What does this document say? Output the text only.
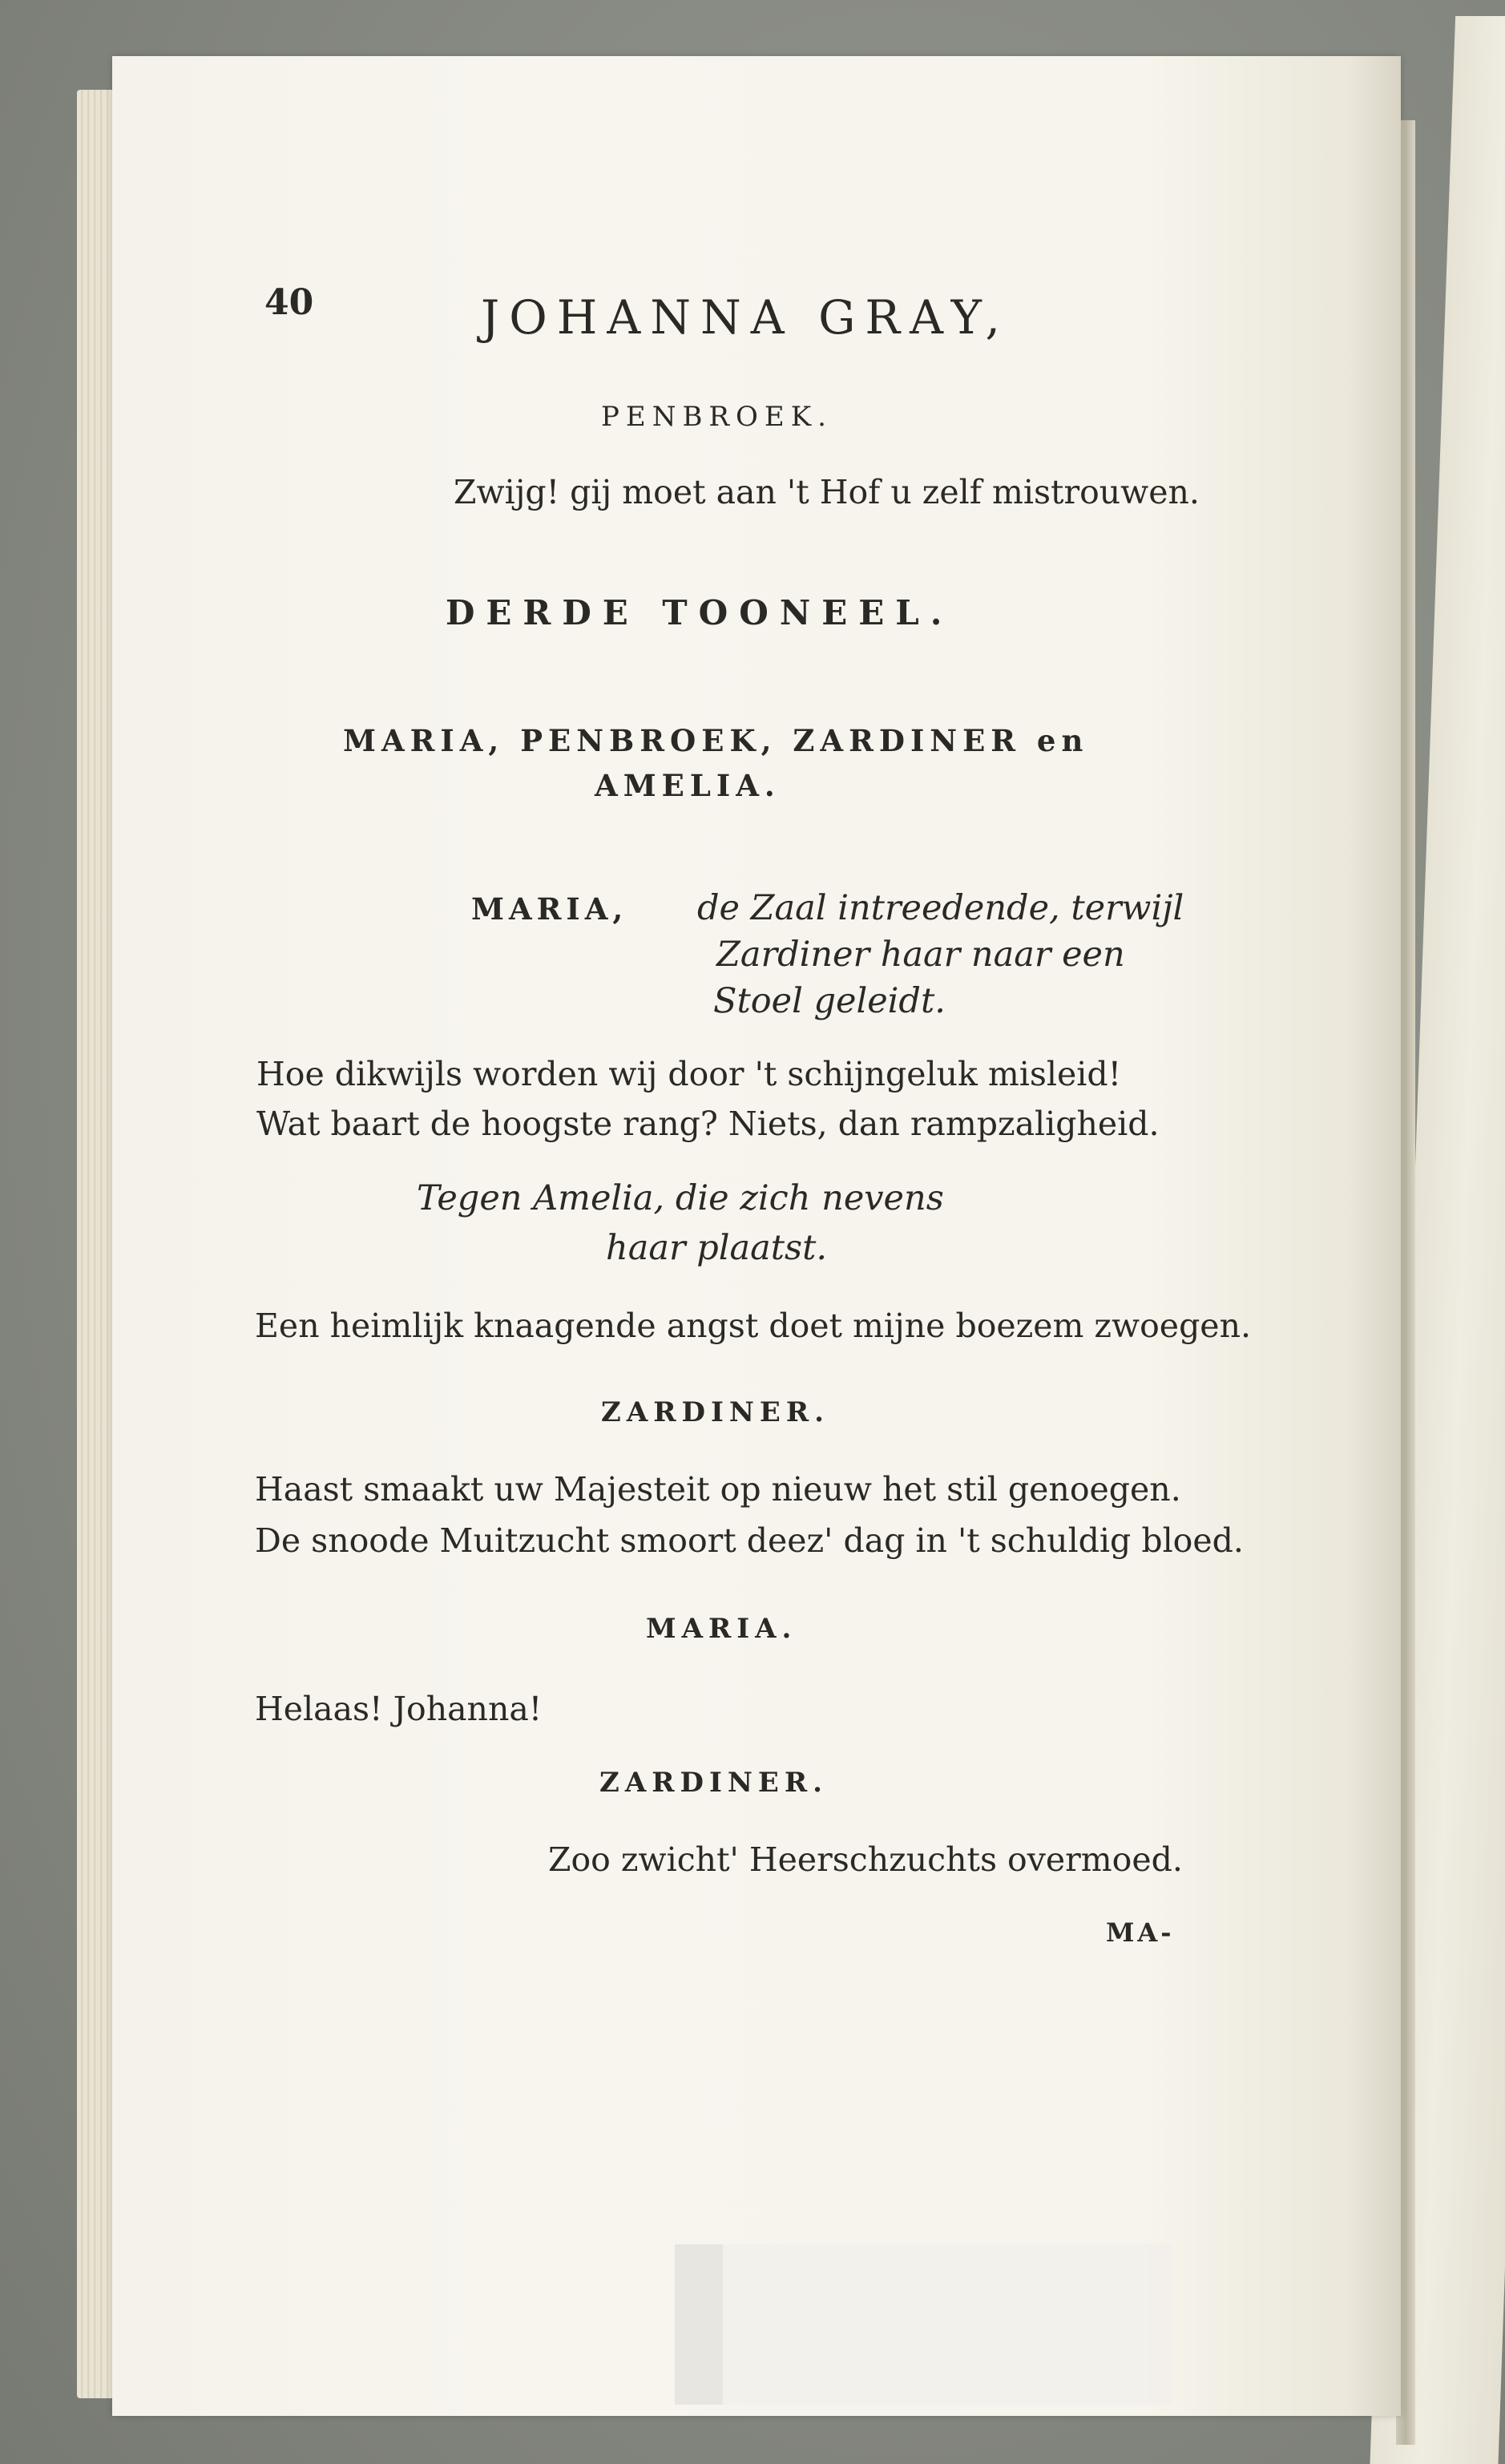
40	JOHANNA GRAY,
PENBROEK.
Zwijg! gij moet aan 't Hof u zelf mistrouwen.
DERDE TOONEEL.
MARIA, PENBROEK, ZARDINER en
AMELIA.
MARIA, de Zaal intreedende, terwijl
Zardiner haar naar een
Stoel geleidt.
Hoe dikwijls worden wij door 't schijngeluk misleid!
Wat baart de hoogste rang? Niets, dan rampzaligheid.
Tegen Amelia, die zich nevens
haar plaatst.
Een heimlijk knaagende angst doet mijne boezem zwoegen.
ZARDINER.
Haast smaakt uw Majesteit op nieuw het stil genoegen.
De snoode Muitzucht smoort deez' dag in 't schuldig bloed.
MARIA.
Helaas! Johanna!
ZARDINER.
Zoo zwicht' Heerschzuchts overmoed.
MA-
